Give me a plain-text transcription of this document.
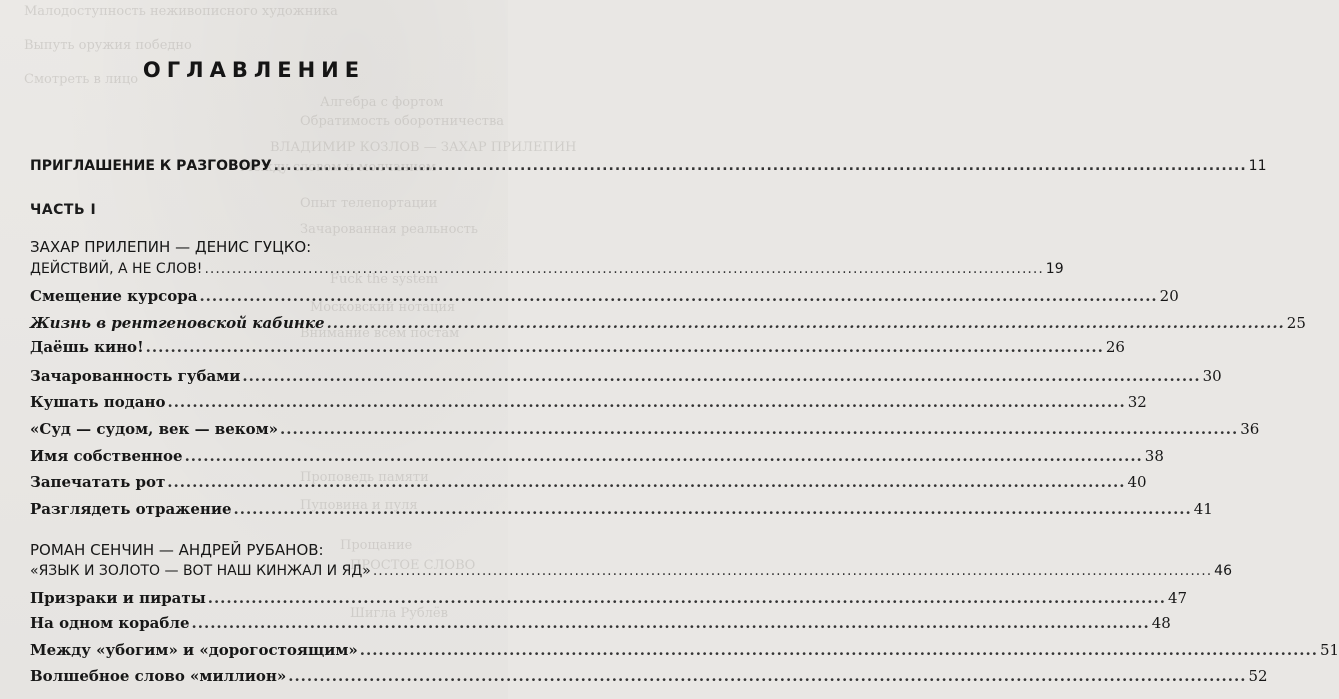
Малодоступность неживописного художника
Выпуть оружия победно
Смотреть в лицо
Алгебра с фортом
Обратимость оборотничества
ВЛАДИМИР КОЗЛОВ — ЗАХАР ПРИЛЕПИН
Между словом и молчанием
Опыт телепортации
Зачарованная реальность
Fuck the system
Московский нотация
Внимание всем постам
Проповедь памяти
Пуповина и пуля
Прощание
ПРОСТОЕ СЛОВО
Шигла Рублёв
ОГЛАВЛЕНИЕ
ПРИГЛАШЕНИЕ К РАЗГОВОРУ .....	11
ЧАСТЬ I
ЗАХАР ПРИЛЕПИН — ДЕНИС ГУЦКО:
ДЕЙСТВИЙ, А НЕ СЛОВ! .....	19
Смещение курсора .....	20
Жизнь в рентгеновской кабинке .....	25
Даёшь кино! .....	26
Зачарованность губами .....	30
Кушать подано .....	32
«Суд — судом, век — веком» .....	36
Имя собственное .....	38
Запечатать рот .....	40
Разглядеть отражение .....	41
РОМАН СЕНЧИН — АНДРЕЙ РУБАНОВ:
«ЯЗЫК И ЗОЛОТО — ВОТ НАШ КИНЖАЛ И ЯД» .....	46
Призраки и пираты .....	47
На одном корабле .....	48
Между «убогим» и «дорогостоящим» .....	51
Волшебное слово «миллион» .....	52
